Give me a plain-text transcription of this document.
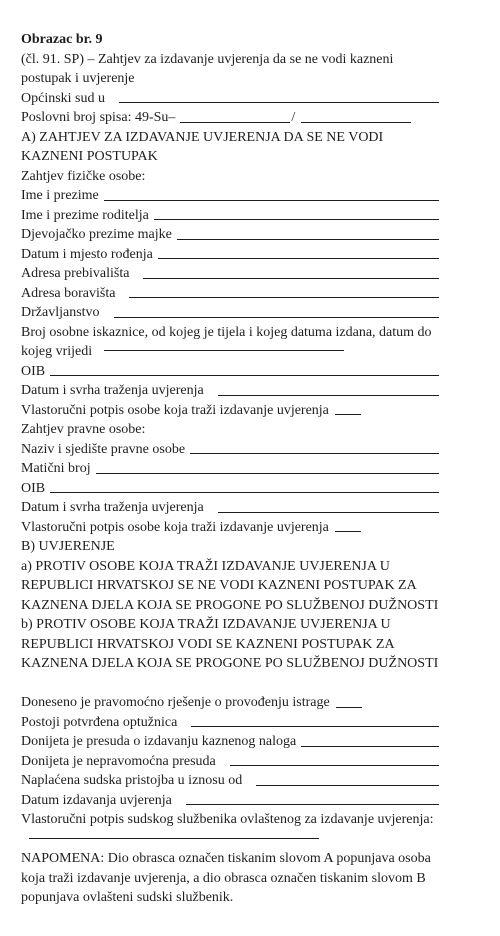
Obrazac br. 9
(čl. 91. SP) – Zahtjev za izdavanje uvjerenja da se ne vodi kazneni postupak i uvjerenje
Općinski sud u
Poslovni broj spisa: 49-Su–	/
A) ZAHTJEV ZA IZDAVANJE UVJERENJA DA SE NE VODI KAZNENI POSTUPAK
Zahtjev fizičke osobe:
Ime i prezime
Ime i prezime roditelja
Djevojačko prezime majke
Datum i mjesto rođenja
Adresa prebivališta
Adresa boravišta
Državljanstvo
Broj osobne iskaznice, od kojeg je tijela i kojeg datuma izdana, datum do kojeg vrijedi
OIB
Datum i svrha traženja uvjerenja
Vlastoručni potpis osobe koja traži izdavanje uvjerenja
Zahtjev pravne osobe:
Naziv i sjedište pravne osobe
Matični broj
OIB
Datum i svrha traženja uvjerenja
Vlastoručni potpis osobe koja traži izdavanje uvjerenja
B) UVJERENJE
a) PROTIV OSOBE KOJA TRAŽI IZDAVANJE UVJERENJA U REPUBLICI HRVATSKOJ SE NE VODI KAZNENI POSTUPAK ZA KAZNENA DJELA KOJA SE PROGONE PO SLUŽBENOJ DUŽNOSTI
b) PROTIV OSOBE KOJA TRAŽI IZDAVANJE UVJERENJA U REPUBLICI HRVATSKOJ VODI SE KAZNENI POSTUPAK ZA KAZNENA DJELA KOJA SE PROGONE PO SLUŽBENOJ DUŽNOSTI
Doneseno je pravomoćno rješenje o provođenju istrage
Postoji potvrđena optužnica
Donijeta je presuda o izdavanju kaznenog naloga
Donijeta je nepravomoćna presuda
Naplaćena sudska pristojba u iznosu od
Datum izdavanja uvjerenja
Vlastoručni potpis sudskog službenika ovlaštenog za izdavanje uvjerenja:
NAPOMENA: Dio obrasca označen tiskanim slovom A popunjava osoba koja traži izdavanje uvjerenja, a dio obrasca označen tiskanim slovom B popunjava ovlašteni sudski službenik.
